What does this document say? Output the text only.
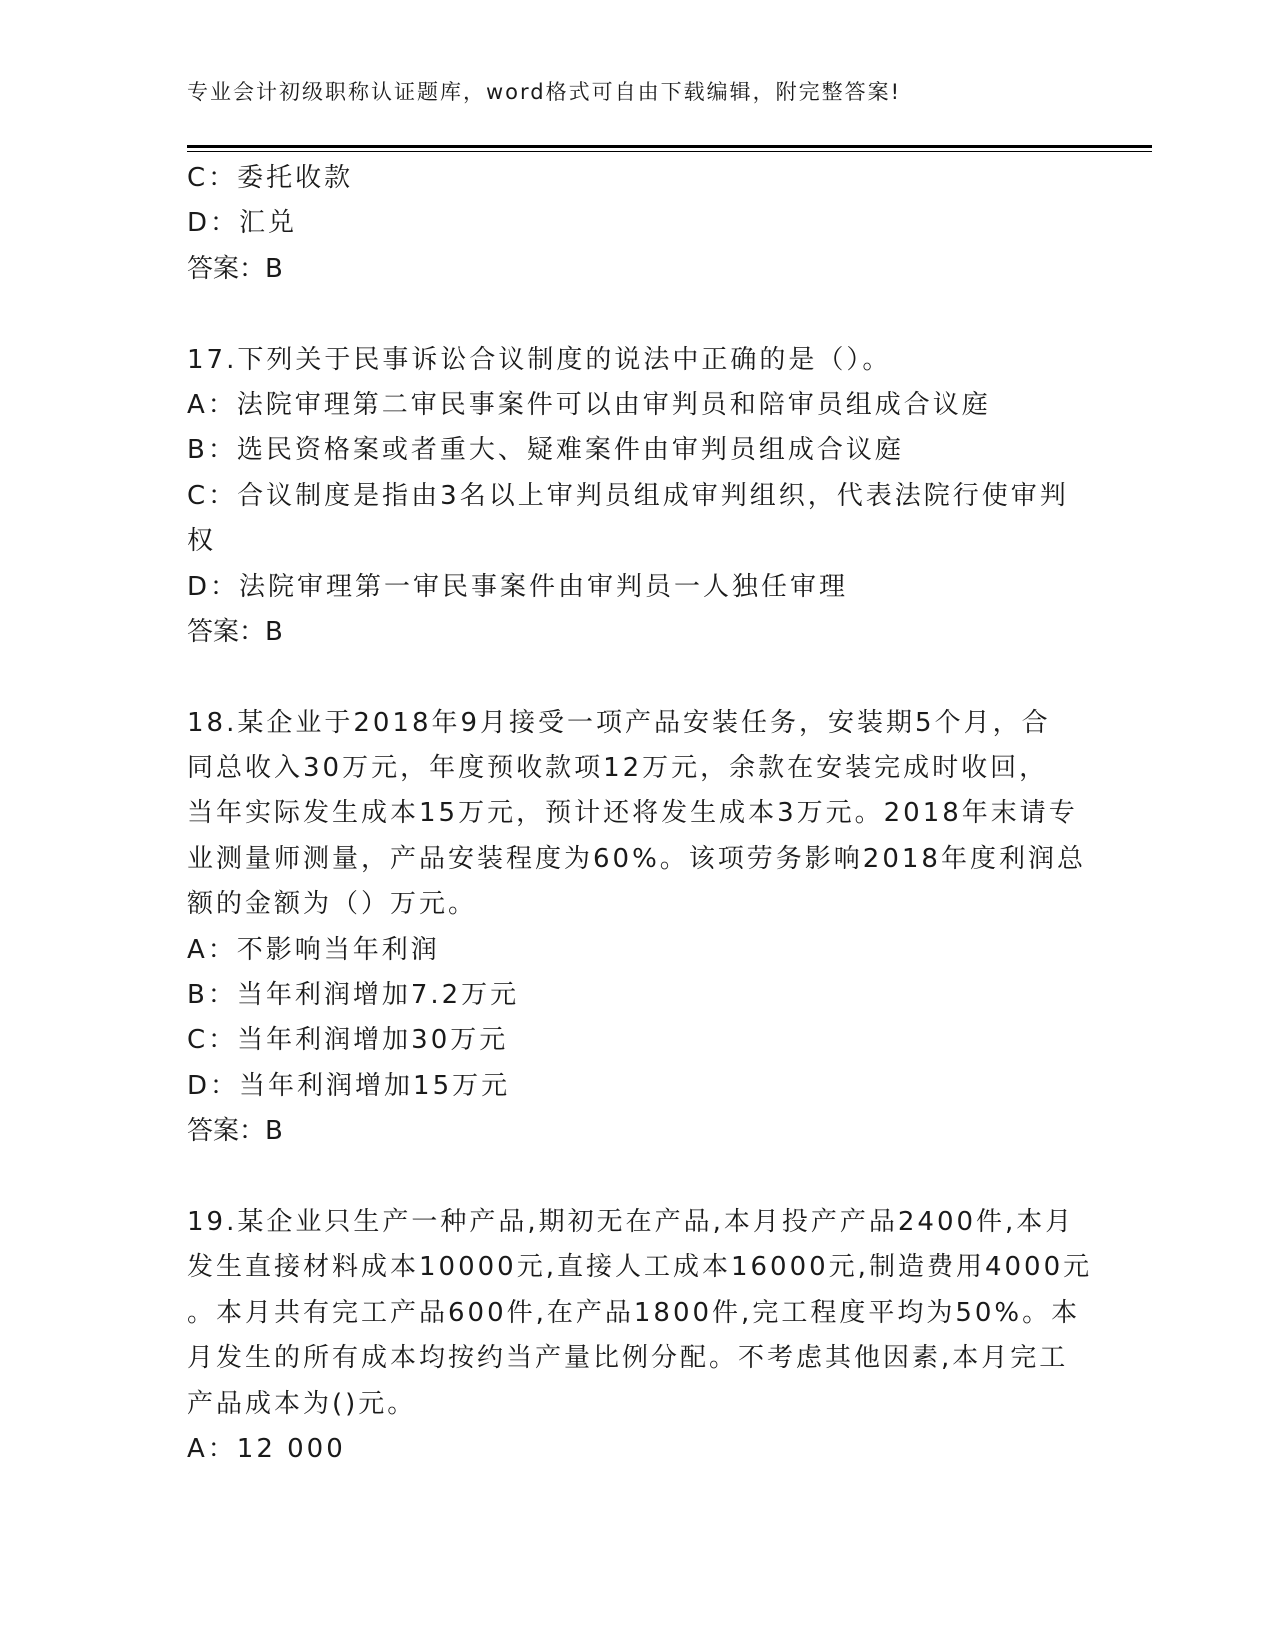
专业会计初级职称认证题库，word格式可自由下载编辑，附完整答案!
C：委托收款
D：汇兑
答案：B
17.下列关于民事诉讼合议制度的说法中正确的是（）。
A：法院审理第二审民事案件可以由审判员和陪审员组成合议庭
B：选民资格案或者重大、疑难案件由审判员组成合议庭
C：合议制度是指由3名以上审判员组成审判组织，代表法院行使审判
权
D：法院审理第一审民事案件由审判员一人独任审理
答案：B
18.某企业于2018年9月接受一项产品安装任务，安装期5个月，合
同总收入30万元，年度预收款项12万元，余款在安装完成时收回，
当年实际发生成本15万元，预计还将发生成本3万元。2018年末请专
业测量师测量，产品安装程度为60%。该项劳务影响2018年度利润总
额的金额为（）万元。
A：不影响当年利润
B：当年利润增加7.2万元
C：当年利润增加30万元
D：当年利润增加15万元
答案：B
19.某企业只生产一种产品,期初无在产品,本月投产产品2400件,本月
发生直接材料成本10000元,直接人工成本16000元,制造费用4000元
。本月共有完工产品600件,在产品1800件,完工程度平均为50%。本
月发生的所有成本均按约当产量比例分配。不考虑其他因素,本月完工
产品成本为()元。
A：12 000
